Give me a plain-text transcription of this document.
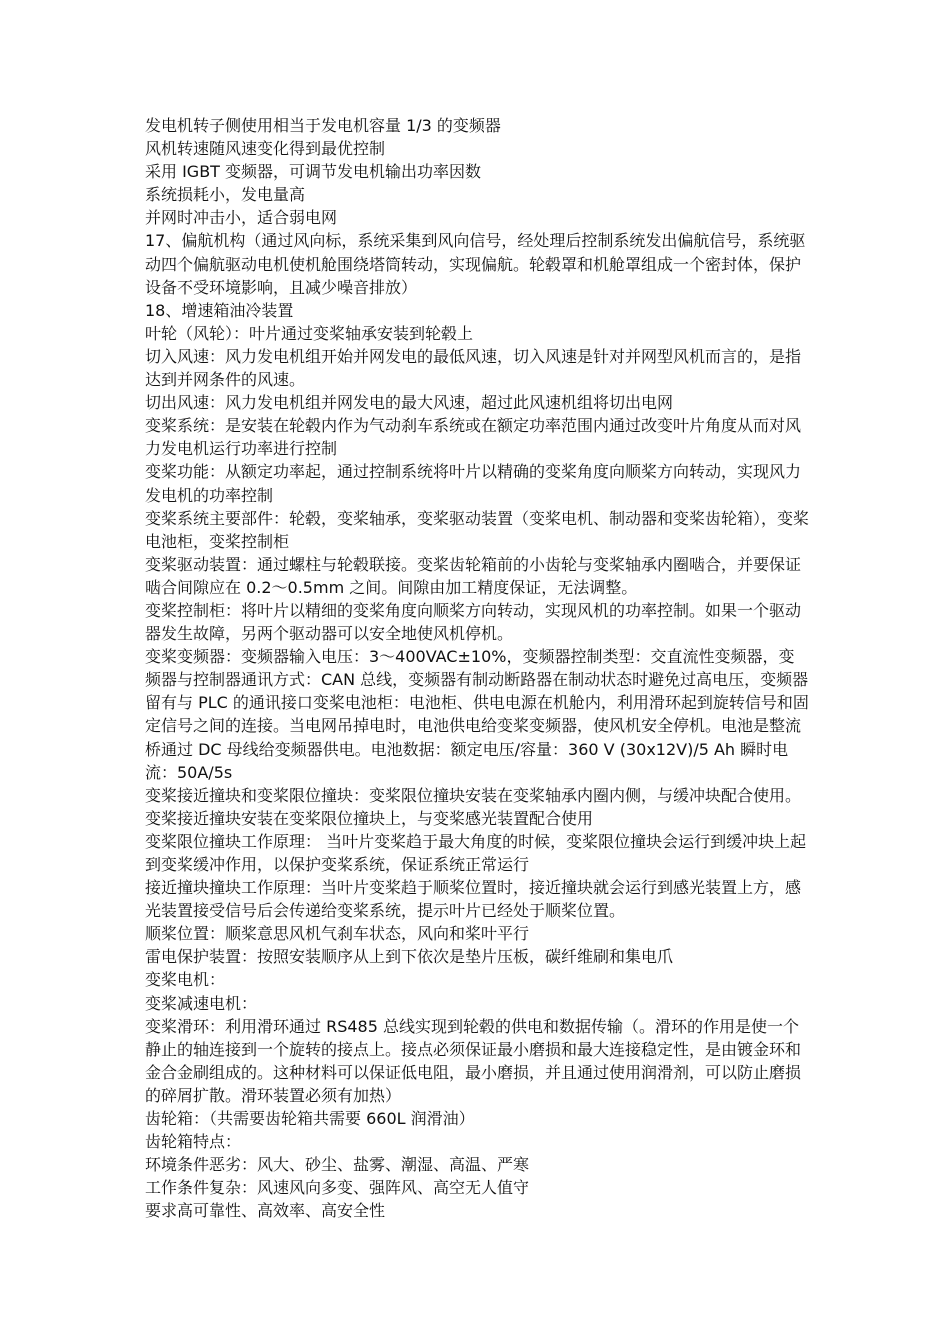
发电机转子侧使用相当于发电机容量 1/3 的变频器

风机转速随风速变化得到最优控制

采用 IGBT 变频器，可调节发电机输出功率因数

系统损耗小，发电量高

并网时冲击小，适合弱电网

17、偏航机构（通过风向标，系统采集到风向信号，经处理后控制系统发出偏航信号，系统驱动四个偏航驱动电机使机舱围绕塔筒转动，实现偏航。轮毂罩和机舱罩组成一个密封体，保护设备不受环境影响，且减少噪音排放）

18、增速箱油冷装置

叶轮（风轮）：叶片通过变桨轴承安装到轮毂上

切入风速：风力发电机组开始并网发电的最低风速，切入风速是针对并网型风机而言的，是指达到并网条件的风速。

切出风速：风力发电机组并网发电的最大风速，超过此风速机组将切出电网

变桨系统：是安装在轮毂内作为气动刹车系统或在额定功率范围内通过改变叶片角度从而对风力发电机运行功率进行控制

变桨功能：从额定功率起，通过控制系统将叶片以精确的变桨角度向顺桨方向转动，实现风力发电机的功率控制

变桨系统主要部件：轮毂，变桨轴承，变桨驱动装置（变桨电机、制动器和变桨齿轮箱），变桨电池柜，变桨控制柜

变桨驱动装置：通过螺柱与轮毂联接。变桨齿轮箱前的小齿轮与变桨轴承内圈啮合，并要保证啮合间隙应在 0.2～0.5mm 之间。间隙由加工精度保证，无法调整。

变桨控制柜：将叶片以精细的变桨角度向顺桨方向转动，实现风机的功率控制。如果一个驱动器发生故障，另两个驱动器可以安全地使风机停机。

变桨变频器：变频器输入电压：3～400VAC±10%，变频器控制类型：交直流性变频器，变频器与控制器通讯方式：CAN 总线，变频器有制动断路器在制动状态时避免过高电压，变频器留有与 PLC 的通讯接口变桨电池柜：电池柜、供电电源在机舱内，利用滑环起到旋转信号和固定信号之间的连接。当电网吊掉电时，电池供电给变桨变频器，使风机安全停机。电池是整流桥通过 DC 母线给变频器供电。电池数据：额定电压/容量：360 V (30x12V)/5 Ah 瞬时电流：50A/5s

变桨接近撞块和变桨限位撞块：变桨限位撞块安装在变桨轴承内圈内侧，与缓冲块配合使用。变桨接近撞块安装在变桨限位撞块上，与变桨感光装置配合使用

变桨限位撞块工作原理： 当叶片变桨趋于最大角度的时候，变桨限位撞块会运行到缓冲块上起到变桨缓冲作用，以保护变桨系统，保证系统正常运行

接近撞块撞块工作原理：当叶片变桨趋于顺桨位置时，接近撞块就会运行到感光装置上方，感光装置接受信号后会传递给变桨系统，提示叶片已经处于顺桨位置。

顺桨位置：顺桨意思风机气刹车状态，风向和桨叶平行

雷电保护装置：按照安装顺序从上到下依次是垫片压板，碳纤维刷和集电爪

变桨电机：

变桨减速电机：

变桨滑环：利用滑环通过 RS485 总线实现到轮毂的供电和数据传输（。滑环的作用是使一个静止的轴连接到一个旋转的接点上。接点必须保证最小磨损和最大连接稳定性，是由镀金环和金合金刷组成的。这种材料可以保证低电阻，最小磨损，并且通过使用润滑剂，可以防止磨损的碎屑扩散。滑环装置必须有加热）

齿轮箱：（共需要齿轮箱共需要 660L 润滑油）

齿轮箱特点：

环境条件恶劣：风大、砂尘、盐雾、潮湿、高温、严寒

工作条件复杂：风速风向多变、强阵风、高空无人值守

要求高可靠性、高效率、高安全性
